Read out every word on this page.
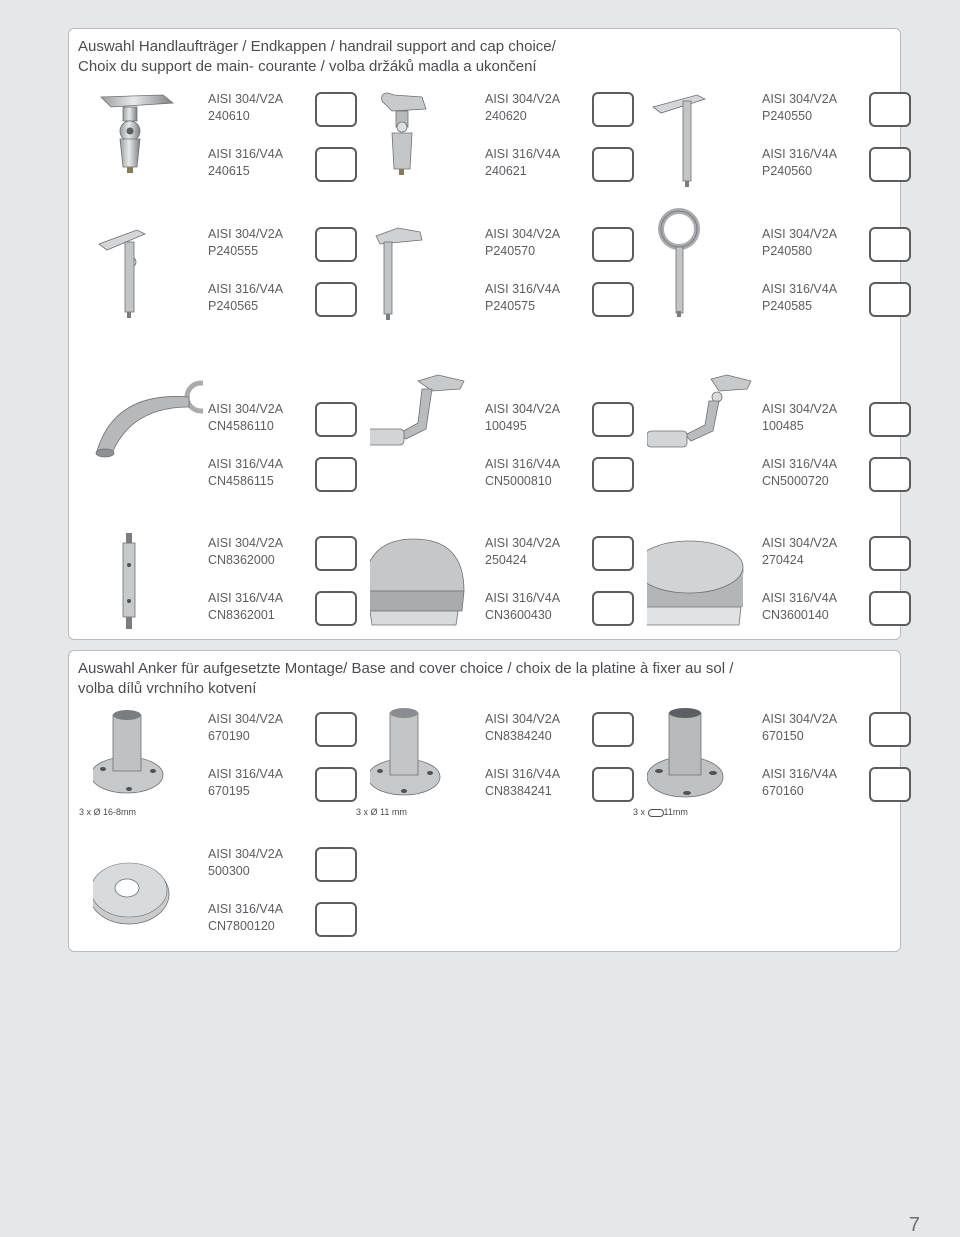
Auswahl Handlaufträger / Endkappen / handrail support and cap choice/
Choix du support de main- courante / volba držáků madla a ukončení
AISI 304/V2A
240610
AISI 316/V4A
240615
AISI 304/V2A
240620
AISI 316/V4A
240621
AISI 304/V2A
P240550
AISI 316/V4A
P240560
AISI 304/V2A
P240555
AISI 316/V4A
P240565
AISI 304/V2A
P240570
AISI 316/V4A
P240575
AISI 304/V2A
P240580
AISI 316/V4A
P240585
AISI 304/V2A
CN4586110
AISI 316/V4A
CN4586115
AISI 304/V2A
100495
AISI 316/V4A
CN5000810
AISI 304/V2A
100485
AISI 316/V4A
CN5000720
AISI 304/V2A
CN8362000
AISI 316/V4A
CN8362001
AISI 304/V2A
250424
AISI 316/V4A
CN3600430
AISI 304/V2A
270424
AISI 316/V4A
CN3600140
Auswahl Anker für aufgesetzte Montage/ Base and cover choice / choix de la platine à fixer au sol /
volba dílů vrchního kotvení
3 x Ø 16-8mm
AISI 304/V2A
670190
AISI 316/V4A
670195
3 x Ø 11 mm
AISI 304/V2A
CN8384240
AISI 316/V4A
CN8384241
3 x 11mm
AISI 304/V2A
670150
AISI 316/V4A
670160
AISI 304/V2A
500300
AISI 316/V4A
CN7800120
7
